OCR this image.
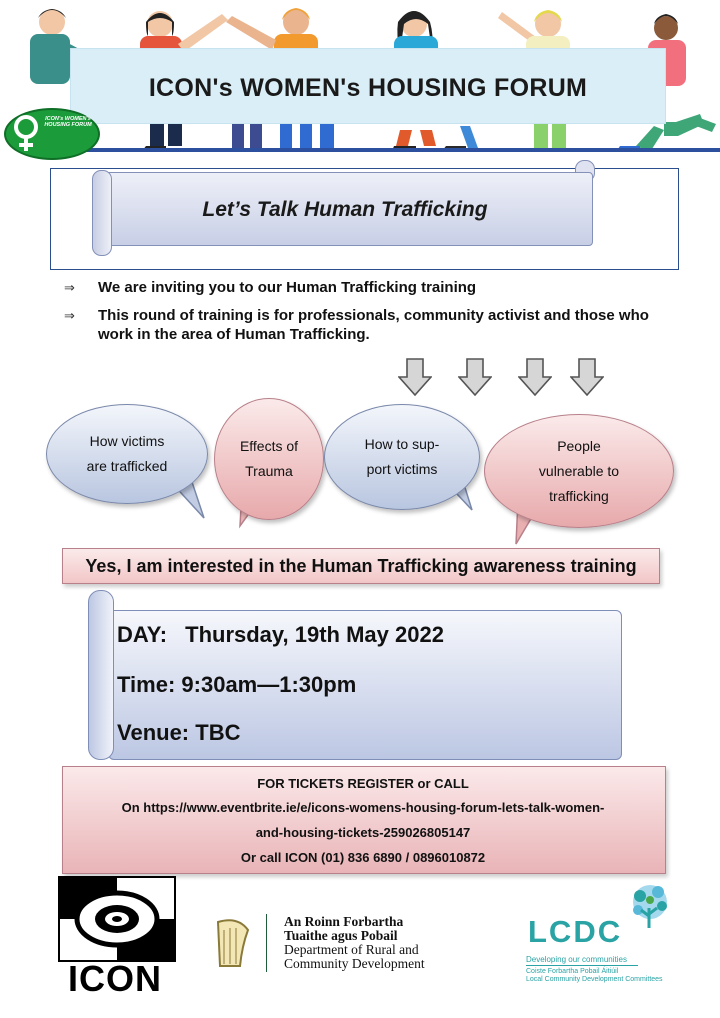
ICON's WOMEN's HOUSING FORUM
ICON's WOMEN's HOUSING FORUM
Let’s Talk Human Trafficking
⇒ We are inviting you to our Human Trafficking training
⇒ This round of training is for professionals, community activist and those who work in the area of Human Trafficking.
How victims
are trafficked
Effects of
Trauma
How to sup-
port victims
People
vulnerable to
trafficking
Yes, I am interested in the Human Trafficking awareness training
DAY: Thursday, 19th May 2022
Time: 9:30am—1:30pm
Venue: TBC
FOR TICKETS REGISTER or CALL
On https://www.eventbrite.ie/e/icons-womens-housing-forum-lets-talk-women-
and-housing-tickets-259026805147
Or call ICON (01) 836 6890 / 0896010872
ICON
An Roinn Forbartha
Tuaithe agus Pobail
Department of Rural and
Community Development
LCDC
Developing our communities
Coiste Forbartha Pobail Áitiúil
Local Community Development Committees
